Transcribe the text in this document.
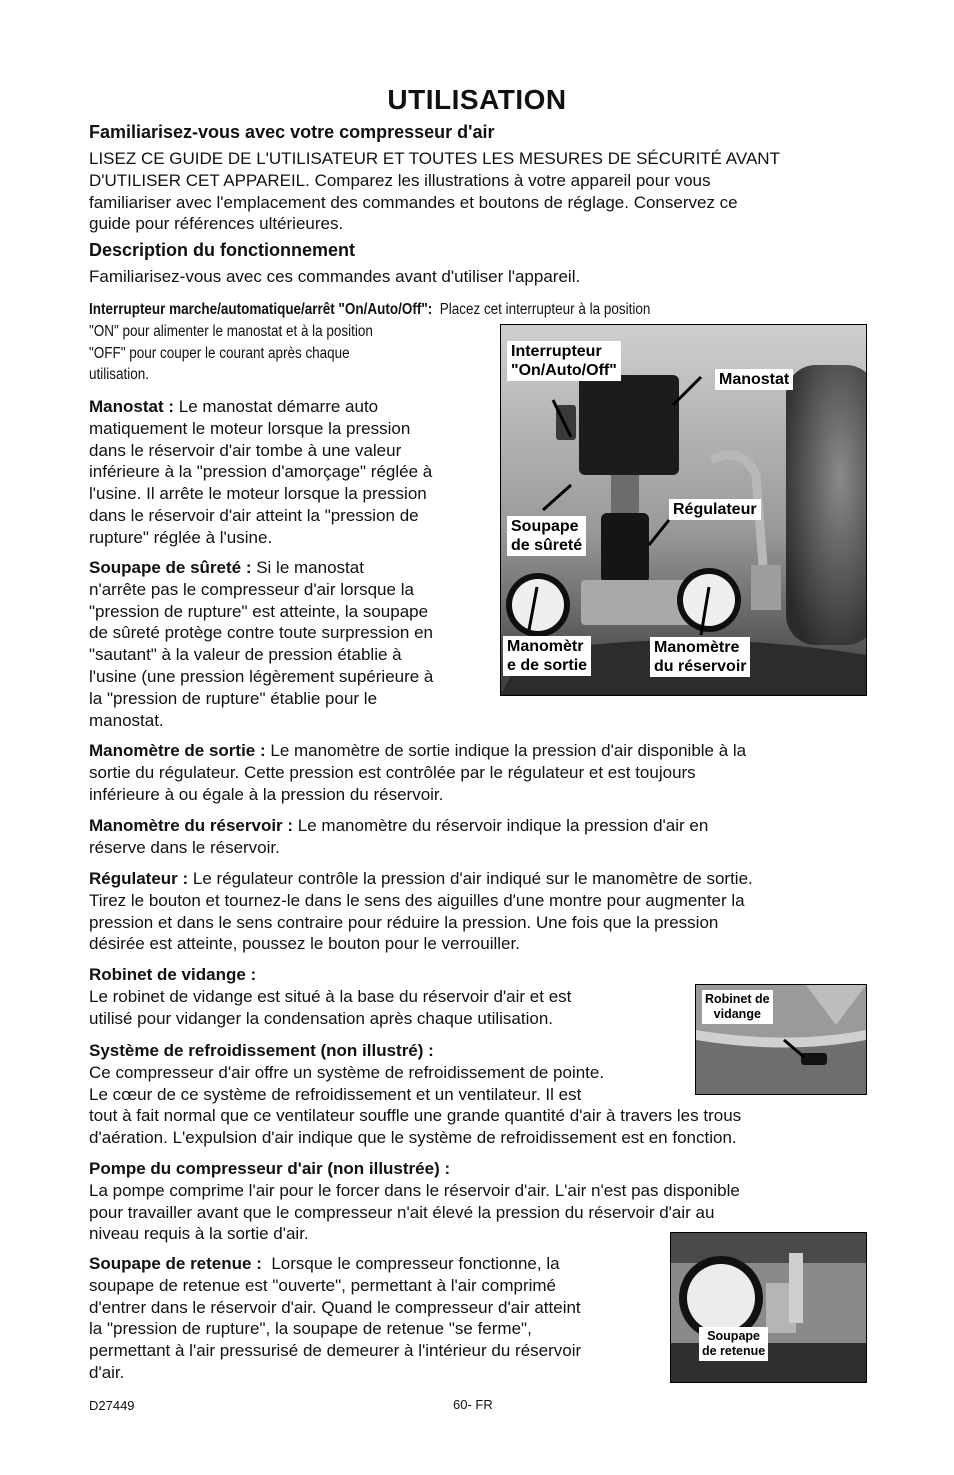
UTILISATION
Familiarisez-vous avec votre compresseur d'air
LISEZ CE GUIDE DE L'UTILISATEUR ET TOUTES LES MESURES DE SÉCURITÉ AVANT
D'UTILISER CET APPAREIL. Comparez les illustrations à votre appareil pour vous
familiariser avec l'emplacement des commandes et boutons de réglage. Conservez ce
guide pour références ultérieures.
Description du fonctionnement
Familiarisez-vous avec ces commandes avant d'utiliser l'appareil.
Interrupteur marche/automatique/arrêt "On/Auto/Off": Placez cet interrupteur à la position
"ON" pour alimenter le manostat et à la position
"OFF" pour couper le courant après chaque
utilisation.
Manostat : Le manostat démarre auto
matiquement le moteur lorsque la pression
dans le réservoir d'air tombe à une valeur
inférieure à la "pression d'amorçage" réglée à
l'usine. Il arrête le moteur lorsque la pression
dans le réservoir d'air atteint la "pression de
rupture" réglée à l'usine.
Soupape de sûreté : Si le manostat
n'arrête pas le compresseur d'air lorsque la
"pression de rupture" est atteinte, la soupape
de sûreté protège contre toute surpression en
"sautant" à la valeur de pression établie à
l'usine (une pression légèrement supérieure à
la "pression de rupture" établie pour le
manostat.
Interrupteur
"On/Auto/Off"
Manostat
Régulateur
Soupape
de sûreté
Manomètr
e de sortie
Manomètre
du réservoir
Manomètre de sortie : Le manomètre de sortie indique la pression d'air disponible à la
sortie du régulateur. Cette pression est contrôlée par le régulateur et est toujours
inférieure à ou égale à la pression du réservoir.
Manomètre du réservoir : Le manomètre du réservoir indique la pression d'air en
réserve dans le réservoir.
Régulateur : Le régulateur contrôle la pression d'air indiqué sur le manomètre de sortie.
Tirez le bouton et tournez-le dans le sens des aiguilles d'une montre pour augmenter la
pression et dans le sens contraire pour réduire la pression. Une fois que la pression
désirée est atteinte, poussez le bouton pour le verrouiller.
Robinet de vidange :
Le robinet de vidange est situé à la base du réservoir d'air et est
utilisé pour vidanger la condensation après chaque utilisation.
Robinet de
vidange
Système de refroidissement (non illustré) :
Ce compresseur d'air offre un système de refroidissement de pointe.
Le cœur de ce système de refroidissement et un ventilateur. Il est
tout à fait normal que ce ventilateur souffle une grande quantité d'air à travers les trous
d'aération. L'expulsion d'air indique que le système de refroidissement est en fonction.
Pompe du compresseur d'air (non illustrée) :
La pompe comprime l'air pour le forcer dans le réservoir d'air. L'air n'est pas disponible
pour travailler avant que le compresseur n'ait élevé la pression du réservoir d'air au
niveau requis à la sortie d'air.
Soupape de retenue : Lorsque le compresseur fonctionne, la
soupape de retenue est "ouverte", permettant à l'air comprimé
d'entrer dans le réservoir d'air. Quand le compresseur d'air atteint
la "pression de rupture", la soupape de retenue "se ferme",
permettant à l'air pressurisé de demeurer à l'intérieur du réservoir
d'air.
Soupape
de retenue
D27449	60- FR
